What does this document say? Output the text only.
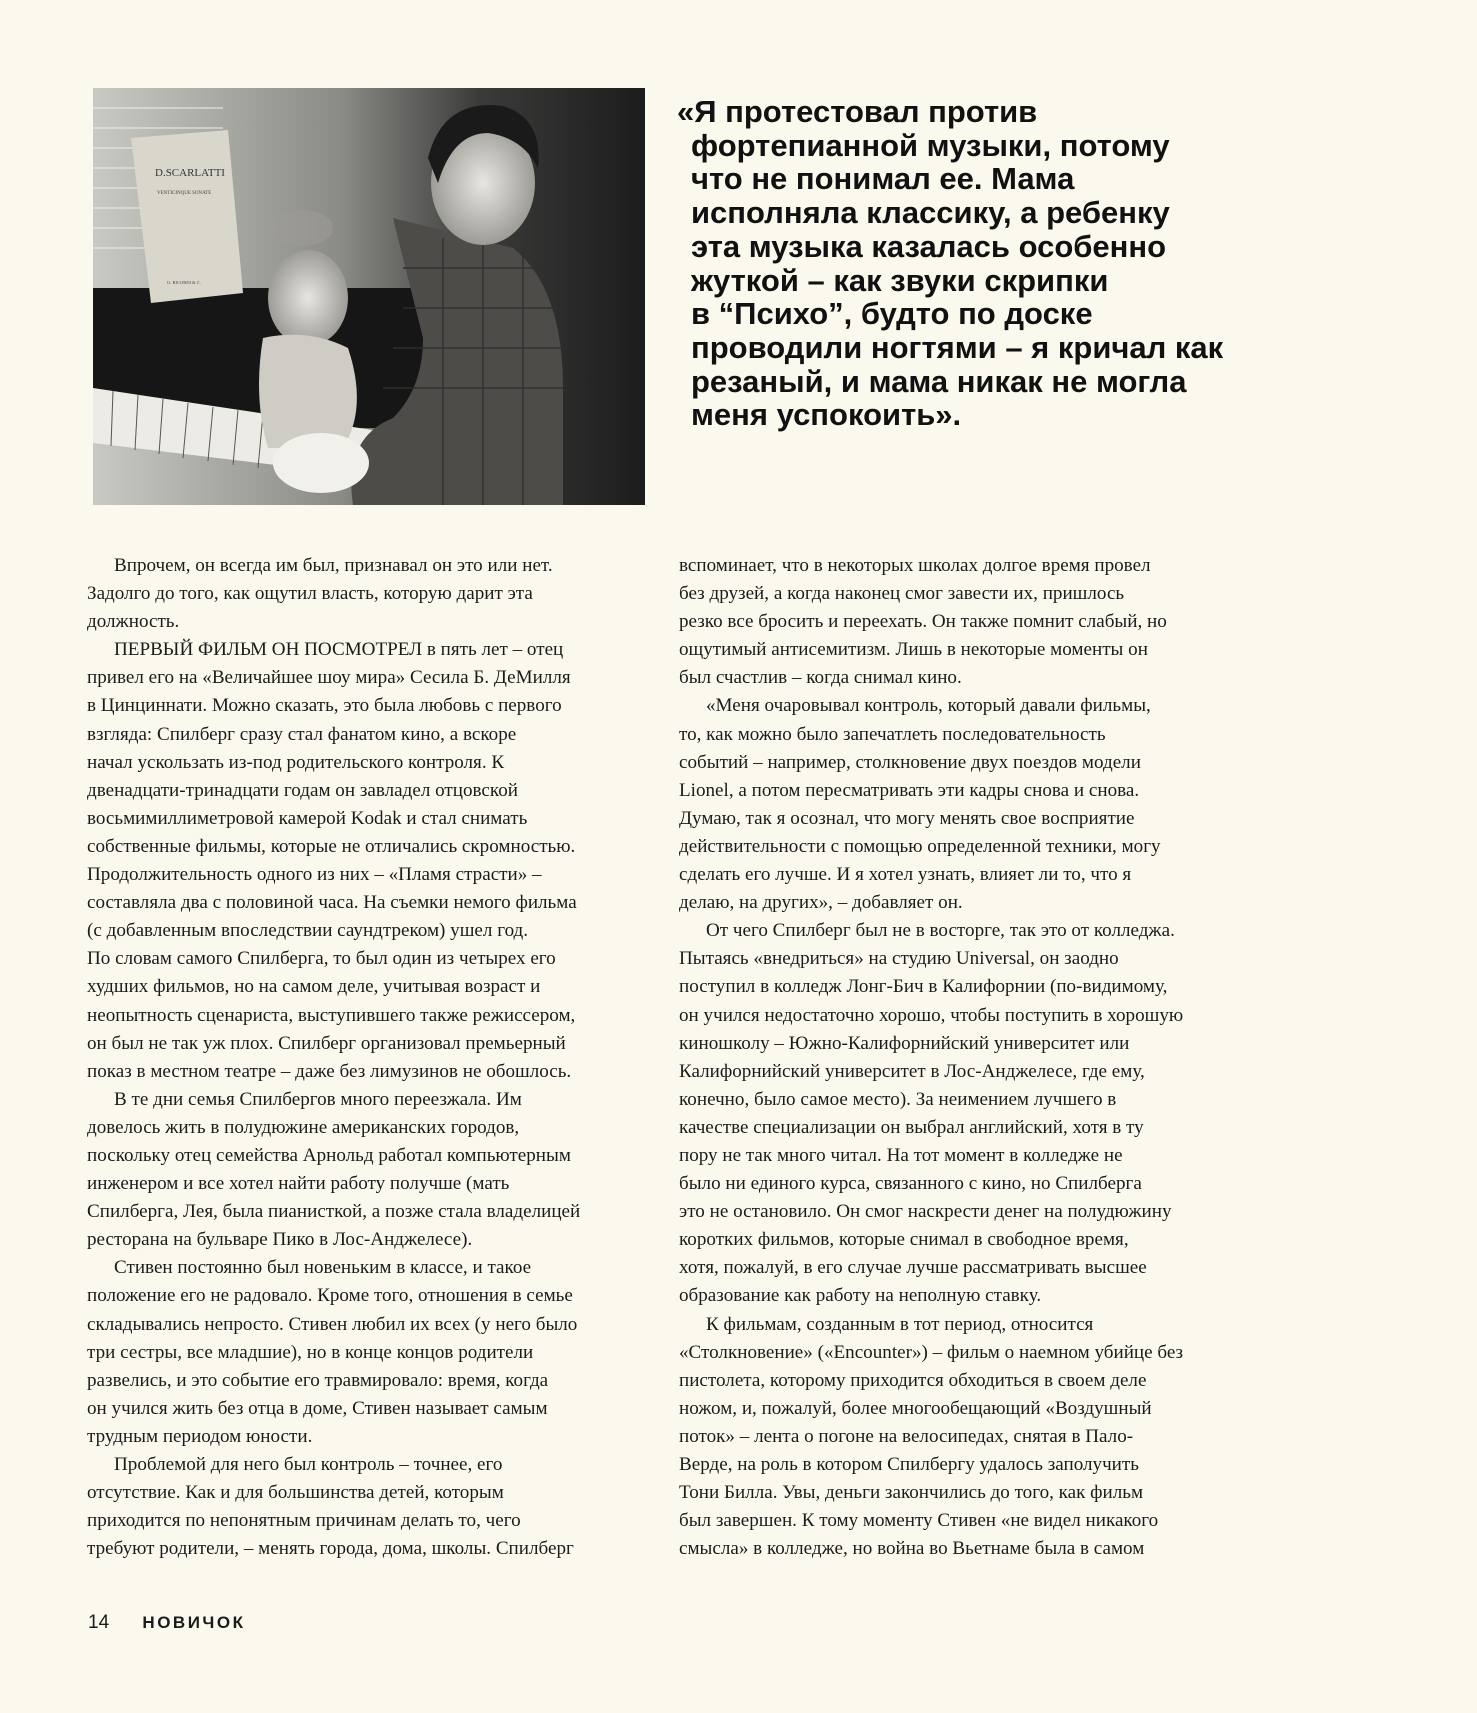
D.SCARLATTI
VENTICINQUE SONATE
G. RICORDI & C.
«Я протестовал против
фортепианной музыки, потому
что не понимал ее. Мама
исполняла классику, а ребенку
эта музыка казалась особенно
жуткой – как звуки скрипки
в “Психо”, будто по доске
проводили ногтями – я кричал как
резаный, и мама никак не могла
меня успокоить».
Впрочем, он всегда им был, признавал он это или нет.
Задолго до того, как ощутил власть, которую дарит эта
должность.
ПЕРВЫЙ ФИЛЬМ ОН ПОСМОТРЕЛ в пять лет – отец
привел его на «Величайшее шоу мира» Сесила Б. ДеМилля
в Цинциннати. Можно сказать, это была любовь с первого
взгляда: Спилберг сразу стал фанатом кино, а вскоре
начал ускользать из-под родительского контроля. К
двенадцати-тринадцати годам он завладел отцовской
восьмимиллиметровой камерой Kodak и стал снимать
собственные фильмы, которые не отличались скромностью.
Продолжительность одного из них – «Пламя страсти» –
составляла два с половиной часа. На съемки немого фильма
(с добавленным впоследствии саундтреком) ушел год.
По словам самого Спилберга, то был один из четырех его
худших фильмов, но на самом деле, учитывая возраст и
неопытность сценариста, выступившего также режиссером,
он был не так уж плох. Спилберг организовал премьерный
показ в местном театре – даже без лимузинов не обошлось.
В те дни семья Спилбергов много переезжала. Им
довелось жить в полудюжине американских городов,
поскольку отец семейства Арнольд работал компьютерным
инженером и все хотел найти работу получше (мать
Спилберга, Лея, была пианисткой, а позже стала владелицей
ресторана на бульваре Пико в Лос-Анджелесе).
Стивен постоянно был новеньким в классе, и такое
положение его не радовало. Кроме того, отношения в семье
складывались непросто. Стивен любил их всех (у него было
три сестры, все младшие), но в конце концов родители
развелись, и это событие его травмировало: время, когда
он учился жить без отца в доме, Стивен называет самым
трудным периодом юности.
Проблемой для него был контроль – точнее, его
отсутствие. Как и для большинства детей, которым
приходится по непонятным причинам делать то, чего
требуют родители, – менять города, дома, школы. Спилберг
вспоминает, что в некоторых школах долгое время провел
без друзей, а когда наконец смог завести их, пришлось
резко все бросить и переехать. Он также помнит слабый, но
ощутимый антисемитизм. Лишь в некоторые моменты он
был счастлив – когда снимал кино.
«Меня очаровывал контроль, который давали фильмы,
то, как можно было запечатлеть последовательность
событий – например, столкновение двух поездов модели
Lionel, а потом пересматривать эти кадры снова и снова.
Думаю, так я осознал, что могу менять свое восприятие
действительности с помощью определенной техники, могу
сделать его лучше. И я хотел узнать, влияет ли то, что я
делаю, на других», – добавляет он.
От чего Спилберг был не в восторге, так это от колледжа.
Пытаясь «внедриться» на студию Universal, он заодно
поступил в колледж Лонг-Бич в Калифорнии (по-видимому,
он учился недостаточно хорошо, чтобы поступить в хорошую
киношколу – Южно-Калифорнийский университет или
Калифорнийский университет в Лос-Анджелесе, где ему,
конечно, было самое место). За неимением лучшего в
качестве специализации он выбрал английский, хотя в ту
пору не так много читал. На тот момент в колледже не
было ни единого курса, связанного с кино, но Спилберга
это не остановило. Он смог наскрести денег на полудюжину
коротких фильмов, которые снимал в свободное время,
хотя, пожалуй, в его случае лучше рассматривать высшее
образование как работу на неполную ставку.
К фильмам, созданным в тот период, относится
«Столкновение» («Encounter») – фильм о наемном убийце без
пистолета, которому приходится обходиться в своем деле
ножом, и, пожалуй, более многообещающий «Воздушный
поток» – лента о погоне на велосипедах, снятая в Пало-
Верде, на роль в котором Спилбергу удалось заполучить
Тони Билла. Увы, деньги закончились до того, как фильм
был завершен. К тому моменту Стивен «не видел никакого
смысла» в колледже, но война во Вьетнаме была в самом
14 НОВИЧОК
